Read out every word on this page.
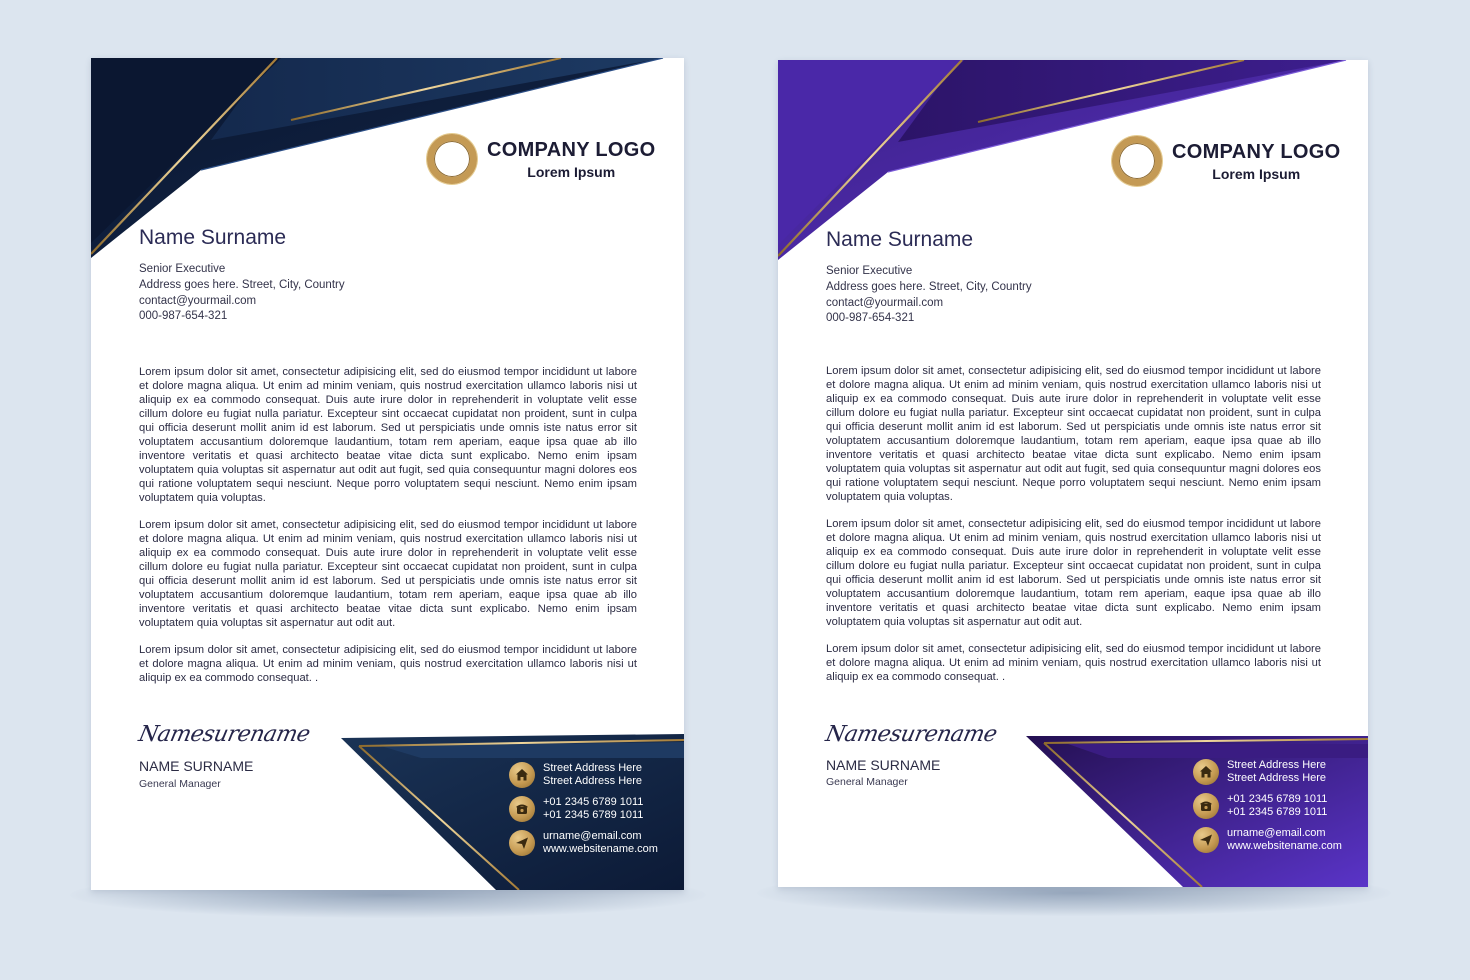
COMPANY LOGO
Lorem Ipsum
Name Surname
Senior Executive
Address goes here. Street, City, Country
contact@yourmail.com
000-987-654-321

Lorem ipsum dolor sit amet, consectetur adipisicing elit, sed do eiusmod tempor incididunt ut labore et dolore magna aliqua. Ut enim ad minim veniam, quis nostrud exercitation ullamco laboris nisi ut aliquip ex ea commodo consequat. Duis aute irure dolor in reprehenderit in voluptate velit esse cillum dolore eu fugiat nulla pariatur. Excepteur sint occaecat cupidatat non proident, sunt in culpa qui officia deserunt mollit anim id est laborum. Sed ut perspiciatis unde omnis iste natus error sit voluptatem accusantium doloremque laudantium, totam rem aperiam, eaque ipsa quae ab illo inventore veritatis et quasi architecto beatae vitae dicta sunt explicabo. Nemo enim ipsam voluptatem quia voluptas sit aspernatur aut odit aut fugit, sed quia consequuntur magni dolores eos qui ratione voluptatem sequi nesciunt. Neque porro voluptatem sequi nesciunt. Nemo enim ipsam voluptatem quia voluptas.

Lorem ipsum dolor sit amet, consectetur adipisicing elit, sed do eiusmod tempor incididunt ut labore et dolore magna aliqua. Ut enim ad minim veniam, quis nostrud exercitation ullamco laboris nisi ut aliquip ex ea commodo consequat. Duis aute irure dolor in reprehenderit in voluptate velit esse cillum dolore eu fugiat nulla pariatur. Excepteur sint occaecat cupidatat non proident, sunt in culpa qui officia deserunt mollit anim id est laborum. Sed ut perspiciatis unde omnis iste natus error sit voluptatem accusantium doloremque laudantium, totam rem aperiam, eaque ipsa quae ab illo inventore veritatis et quasi architecto beatae vitae dicta sunt explicabo. Nemo enim ipsam voluptatem quia voluptas sit aspernatur aut odit aut.

Lorem ipsum dolor sit amet, consectetur adipisicing elit, sed do eiusmod tempor incididunt ut labore et dolore magna aliqua. Ut enim ad minim veniam, quis nostrud exercitation ullamco laboris nisi ut aliquip ex ea commodo consequat. .

Namesurename
NAME SURNAME
General Manager
Street Address Here
Street Address Here
+01 2345 6789 1011
+01 2345 6789 1011
urname@email.com
www.websitename.com
COMPANY LOGO
Lorem Ipsum
Name Surname
Senior Executive
Address goes here. Street, City, Country
contact@yourmail.com
000-987-654-321

Lorem ipsum dolor sit amet, consectetur adipisicing elit, sed do eiusmod tempor incididunt ut labore et dolore magna aliqua. Ut enim ad minim veniam, quis nostrud exercitation ullamco laboris nisi ut aliquip ex ea commodo consequat. Duis aute irure dolor in reprehenderit in voluptate velit esse cillum dolore eu fugiat nulla pariatur. Excepteur sint occaecat cupidatat non proident, sunt in culpa qui officia deserunt mollit anim id est laborum. Sed ut perspiciatis unde omnis iste natus error sit voluptatem accusantium doloremque laudantium, totam rem aperiam, eaque ipsa quae ab illo inventore veritatis et quasi architecto beatae vitae dicta sunt explicabo. Nemo enim ipsam voluptatem quia voluptas sit aspernatur aut odit aut fugit, sed quia consequuntur magni dolores eos qui ratione voluptatem sequi nesciunt. Neque porro voluptatem sequi nesciunt. Nemo enim ipsam voluptatem quia voluptas.

Lorem ipsum dolor sit amet, consectetur adipisicing elit, sed do eiusmod tempor incididunt ut labore et dolore magna aliqua. Ut enim ad minim veniam, quis nostrud exercitation ullamco laboris nisi ut aliquip ex ea commodo consequat. Duis aute irure dolor in reprehenderit in voluptate velit esse cillum dolore eu fugiat nulla pariatur. Excepteur sint occaecat cupidatat non proident, sunt in culpa qui officia deserunt mollit anim id est laborum. Sed ut perspiciatis unde omnis iste natus error sit voluptatem accusantium doloremque laudantium, totam rem aperiam, eaque ipsa quae ab illo inventore veritatis et quasi architecto beatae vitae dicta sunt explicabo. Nemo enim ipsam voluptatem quia voluptas sit aspernatur aut odit aut.

Lorem ipsum dolor sit amet, consectetur adipisicing elit, sed do eiusmod tempor incididunt ut labore et dolore magna aliqua. Ut enim ad minim veniam, quis nostrud exercitation ullamco laboris nisi ut aliquip ex ea commodo consequat. .

Namesurename
NAME SURNAME
General Manager
Street Address Here
Street Address Here
+01 2345 6789 1011
+01 2345 6789 1011
urname@email.com
www.websitename.com
